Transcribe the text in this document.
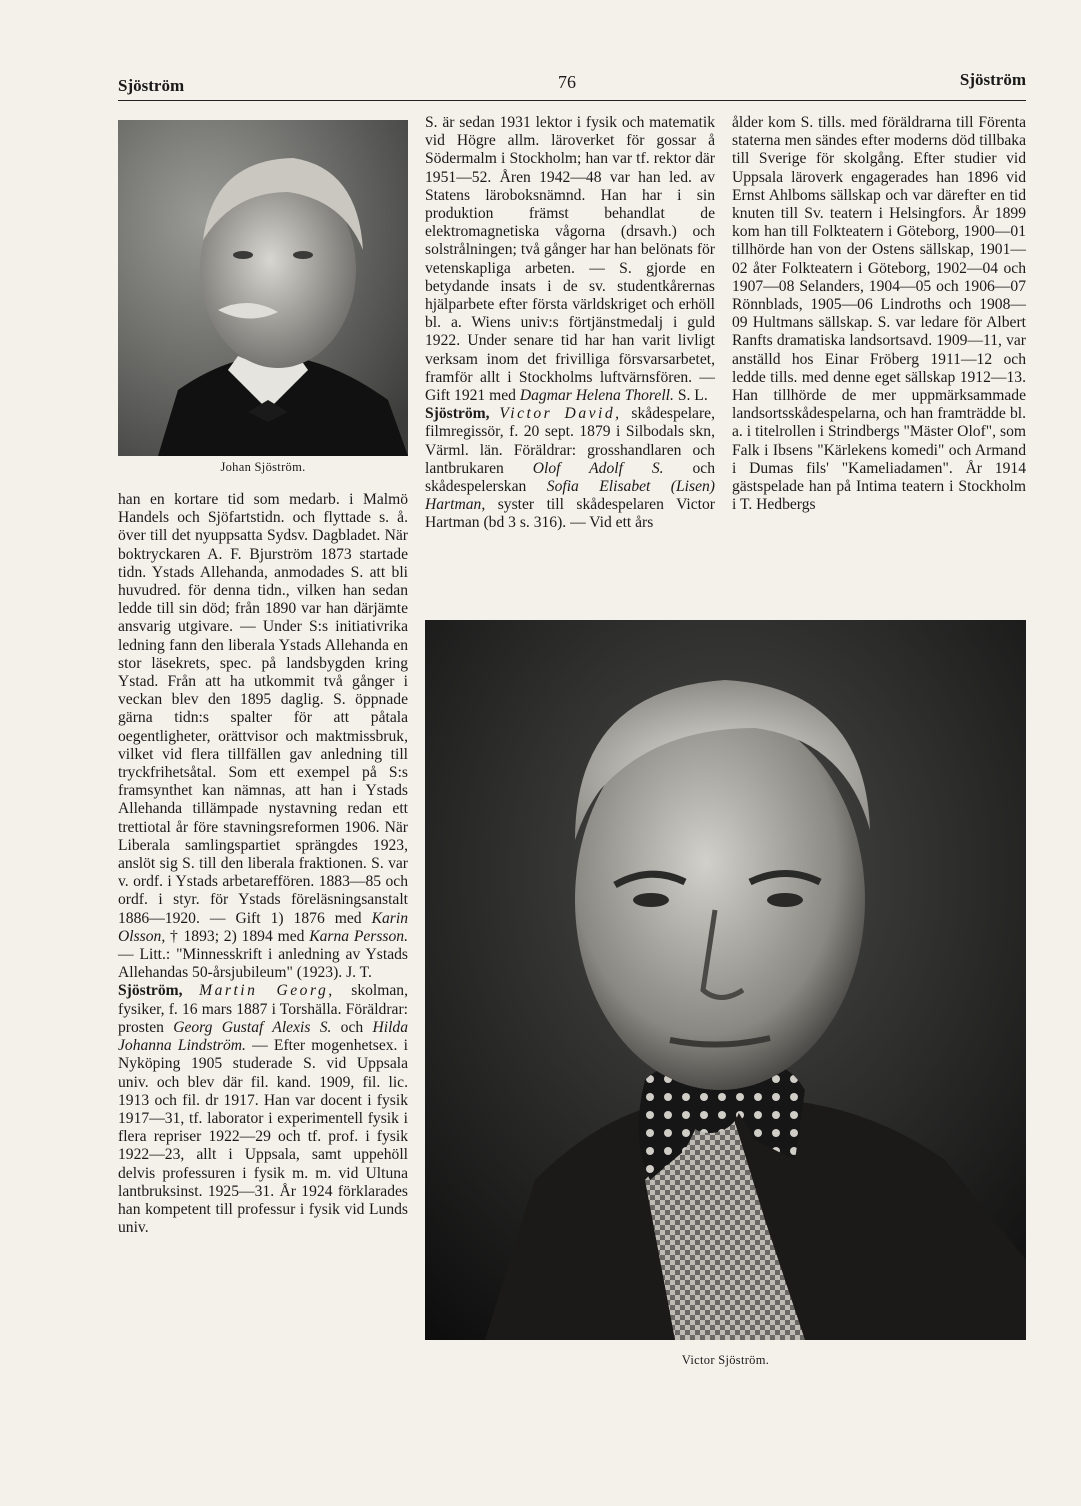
Sjöström	76	Sjöström
Johan Sjöström.

han en kortare tid som medarb. i Malmö Handels och Sjöfartstidn. och flyttade s. å. över till det nyuppsatta Sydsv. Dagbladet. När boktryckaren A. F. Bjurström 1873 startade tidn. Ystads Allehanda, anmodades S. att bli huvudred. för denna tidn., vilken han sedan ledde till sin död; från 1890 var han därjämte ansvarig utgivare. — Under S:s initiativrika ledning fann den liberala Ystads Allehanda en stor läsekrets, spec. på landsbygden kring Ystad. Från att ha utkommit två gånger i veckan blev den 1895 daglig. S. öppnade gärna tidn:s spalter för att påtala oegentligheter, orättvisor och maktmissbruk, vilket vid flera tillfällen gav anledning till tryckfrihetsåtal. Som ett exempel på S:s framsynthet kan nämnas, att han i Ystads Allehanda tillämpade nystavning redan ett trettiotal år före stavningsreformen 1906. När Liberala samlingspartiet sprängdes 1923, anslöt sig S. till den liberala fraktionen. S. var v. ordf. i Ystads arbetareffören. 1883—85 och ordf. i styr. för Ystads föreläsningsanstalt 1886—1920. — Gift 1) 1876 med Karin Olsson, † 1893; 2) 1894 med Karna Persson. — Litt.: "Minnesskrift i anledning av Ystads Allehandas 50-årsjubileum" (1923). J. T.

Sjöström, Martin Georg, skolman, fysiker, f. 16 mars 1887 i Torshälla. Föräldrar: prosten Georg Gustaf Alexis S. och Hilda Johanna Lindström. — Efter mogenhetsex. i Nyköping 1905 studerade S. vid Uppsala univ. och blev där fil. kand. 1909, fil. lic. 1913 och fil. dr 1917. Han var docent i fysik 1917—31, tf. laborator i experimentell fysik i flera repriser 1922—29 och tf. prof. i fysik 1922—23, allt i Uppsala, samt uppehöll delvis professuren i fysik m. m. vid Ultuna lantbruksinst. 1925—31. År 1924 förklarades han kompetent till professur i fysik vid Lunds univ.

S. är sedan 1931 lektor i fysik och matematik vid Högre allm. läroverket för gossar å Södermalm i Stockholm; han var tf. rektor där 1951—52. Åren 1942—48 var han led. av Statens läroboksnämnd. Han har i sin produktion främst behandlat de elektromagnetiska vågorna (drsavh.) och solstrålningen; två gånger har han belönats för vetenskapliga arbeten. — S. gjorde en betydande insats i de sv. studentkårernas hjälparbete efter första världskriget och erhöll bl. a. Wiens univ:s förtjänstmedalj i guld 1922. Under senare tid har han varit livligt verksam inom det frivilliga försvarsarbetet, framför allt i Stockholms luftvärnsfören. — Gift 1921 med Dagmar Helena Thorell. S. L.

Sjöström, Victor David, skådespelare, filmregissör, f. 20 sept. 1879 i Silbodals skn, Värml. län. Föräldrar: grosshandlaren och lantbrukaren Olof Adolf S. och skådespelerskan Sofia Elisabet (Lisen) Hartman, syster till skådespelaren Victor Hartman (bd 3 s. 316). — Vid ett års

ålder kom S. tills. med föräldrarna till Förenta staterna men sändes efter moderns död tillbaka till Sverige för skolgång. Efter studier vid Uppsala läroverk engagerades han 1896 vid Ernst Ahlboms sällskap och var därefter en tid knuten till Sv. teatern i Helsingfors. År 1899 kom han till Folkteatern i Göteborg, 1900—01 tillhörde han von der Ostens sällskap, 1901—02 åter Folkteatern i Göteborg, 1902—04 och 1907—08 Selanders, 1904—05 och 1906—07 Rönnblads, 1905—06 Lindroths och 1908—09 Hultmans sällskap. S. var ledare för Albert Ranfts dramatiska landsortsavd. 1909—11, var anställd hos Einar Fröberg 1911—12 och ledde tills. med denne eget sällskap 1912—13. Han tillhörde de mer uppmärksammade landsortsskådespelarna, och han framträdde bl. a. i titelrollen i Strindbergs "Mäster Olof", som Falk i Ibsens "Kärlekens komedi" och Armand i Dumas fils' "Kameliadamen". År 1914 gästspelade han på Intima teatern i Stockholm i T. Hedbergs

Victor Sjöström.
